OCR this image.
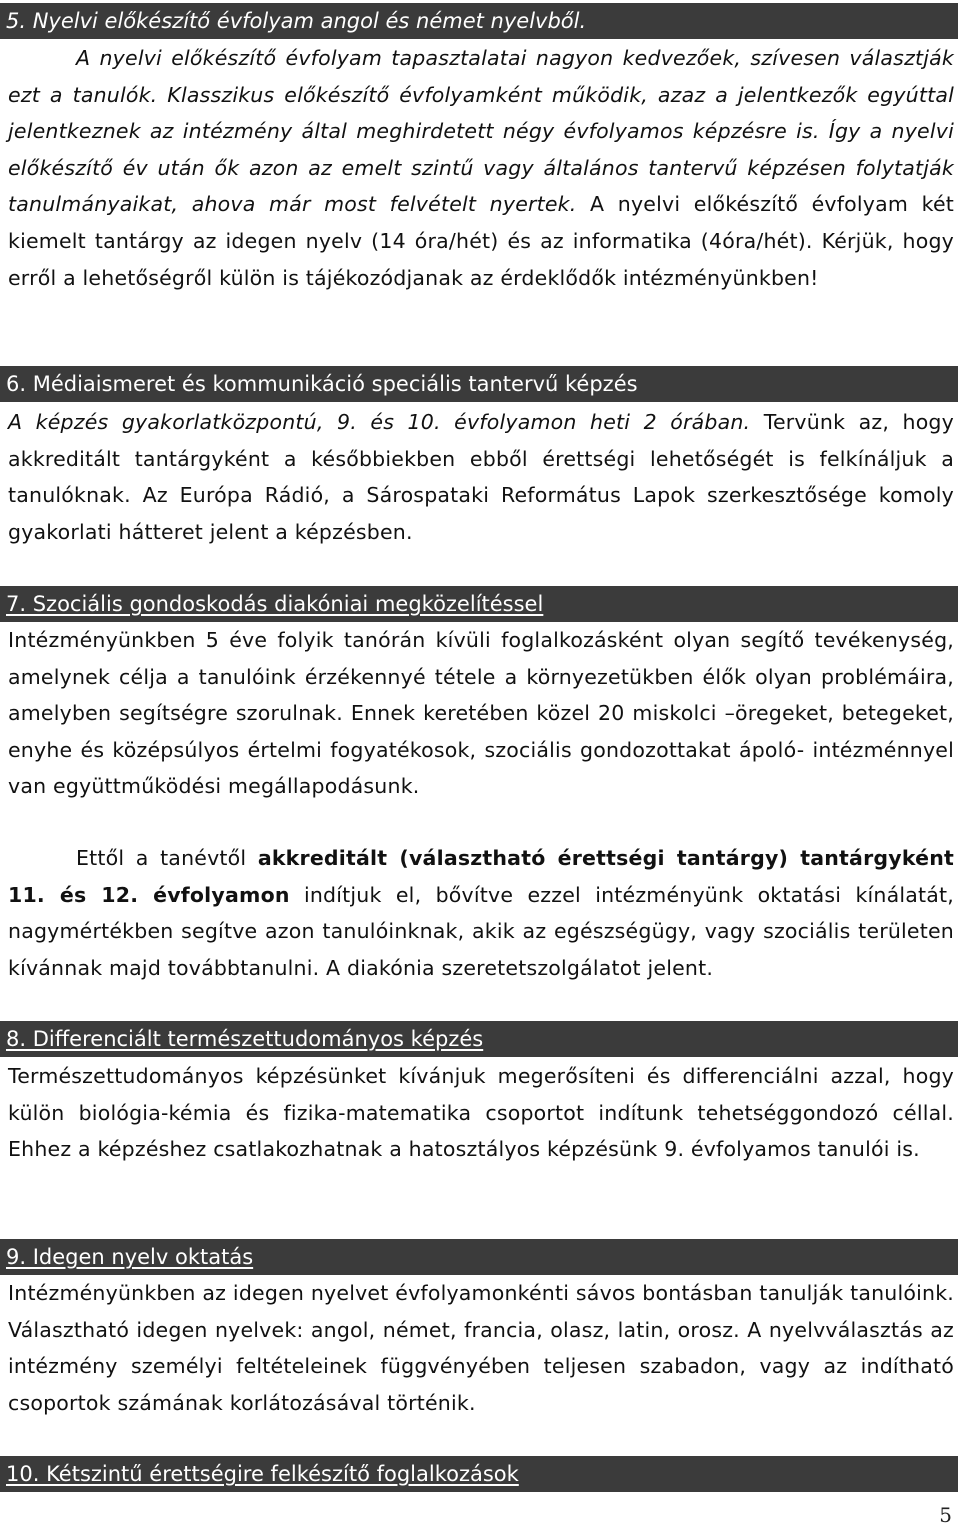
5. Nyelvi előkészítő évfolyam angol és német nyelvből.
A nyelvi előkészítő évfolyam tapasztalatai nagyon kedvezőek, szívesen választják ezt a tanulók. Klasszikus előkészítő évfolyamként működik, azaz a jelentkezők egyúttal jelentkeznek az intézmény által meghirdetett négy évfolyamos képzésre is. Így a nyelvi előkészítő év után ők azon az emelt szintű vagy általános tantervű képzésen folytatják tanulmányaikat, ahova már most felvételt nyertek. A nyelvi előkészítő évfolyam két kiemelt tantárgy az idegen nyelv (14 óra/hét) és az informatika (4óra/hét). Kérjük, hogy erről a lehetőségről külön is tájékozódjanak az érdeklődők intézményünkben!
6. Médiaismeret és kommunikáció speciális tantervű képzés
A képzés gyakorlatközpontú, 9. és 10. évfolyamon heti 2 órában. Tervünk az, hogy akkreditált tantárgyként a későbbiekben ebből érettségi lehetőségét is felkínáljuk a tanulóknak. Az Európa Rádió, a Sárospataki Református Lapok szerkesztősége komoly gyakorlati hátteret jelent a képzésben.
7. Szociális gondoskodás diakóniai megközelítéssel
Intézményünkben 5 éve folyik tanórán kívüli foglalkozásként olyan segítő tevékenység, amelynek célja a tanulóink érzékennyé tétele a környezetükben élők olyan problémáira, amelyben segítségre szorulnak. Ennek keretében közel 20 miskolci –öregeket, betegeket, enyhe és középsúlyos értelmi fogyatékosok, szociális gondozottakat ápoló- intézménnyel van együttműködési megállapodásunk.
Ettől a tanévtől akkreditált (választható érettségi tantárgy) tantárgyként 11. és 12. évfolyamon indítjuk el, bővítve ezzel intézményünk oktatási kínálatát, nagymértékben segítve azon tanulóinknak, akik az egészségügy, vagy szociális területen kívánnak majd továbbtanulni. A diakónia szeretetszolgálatot jelent.
8. Differenciált természettudományos képzés
Természettudományos képzésünket kívánjuk megerősíteni és differenciálni azzal, hogy külön biológia-kémia és fizika-matematika csoportot indítunk tehetséggondozó céllal. Ehhez a képzéshez csatlakozhatnak a hatosztályos képzésünk 9. évfolyamos tanulói is.
9. Idegen nyelv oktatás
Intézményünkben az idegen nyelvet évfolyamonkénti sávos bontásban tanulják tanulóink. Választható idegen nyelvek: angol, német, francia, olasz, latin, orosz. A nyelvválasztás az intézmény személyi feltételeinek függvényében teljesen szabadon, vagy az indítható csoportok számának korlátozásával történik.
10. Kétszintű érettségire felkészítő foglalkozások
5
